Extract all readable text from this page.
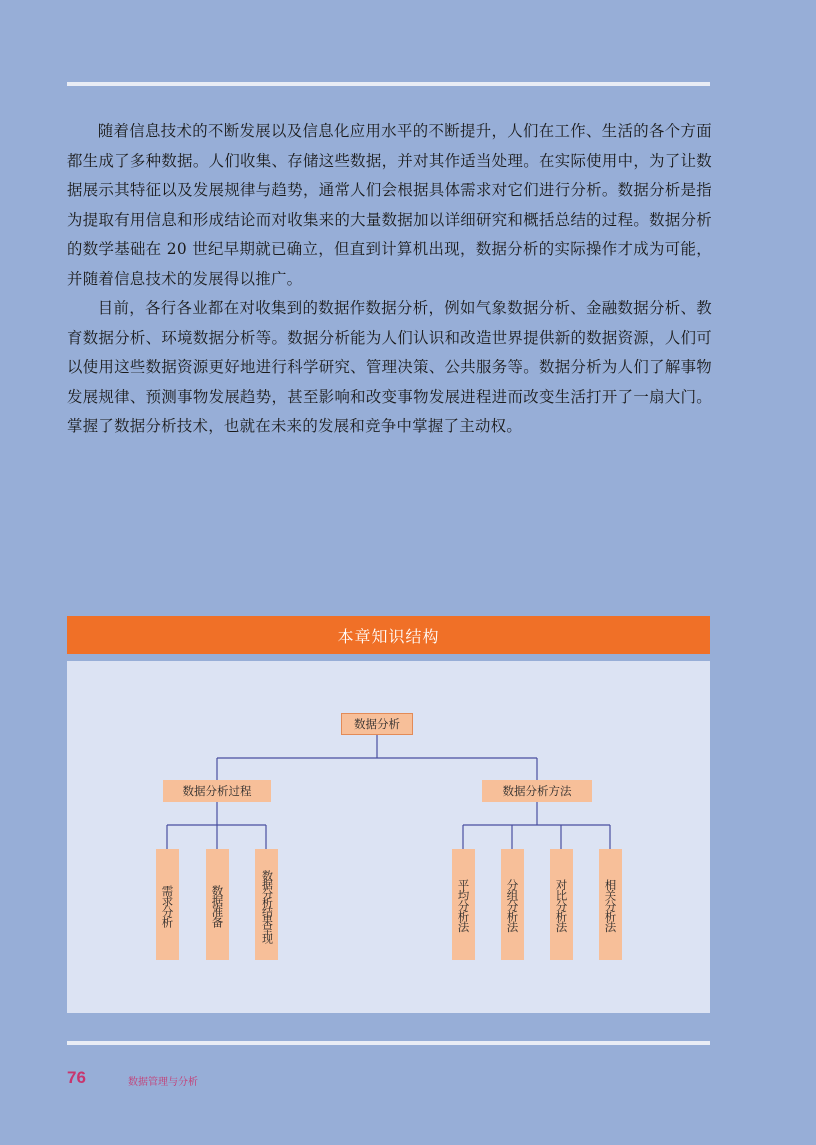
随着信息技术的不断发展以及信息化应用水平的不断提升，人们在工作、生活的各个方面都生成了多种数据。人们收集、存储这些数据，并对其作适当处理。在实际使用中，为了让数据展示其特征以及发展规律与趋势，通常人们会根据具体需求对它们进行分析。数据分析是指为提取有用信息和形成结论而对收集来的大量数据加以详细研究和概括总结的过程。数据分析的数学基础在 20 世纪早期就已确立，但直到计算机出现，数据分析的实际操作才成为可能，并随着信息技术的发展得以推广。

目前，各行各业都在对收集到的数据作数据分析，例如气象数据分析、金融数据分析、教育数据分析、环境数据分析等。数据分析能为人们认识和改造世界提供新的数据资源，人们可以使用这些数据资源更好地进行科学研究、管理决策、公共服务等。数据分析为人们了解事物发展规律、预测事物发展趋势，甚至影响和改变事物发展进程进而改变生活打开了一扇大门。掌握了数据分析技术，也就在未来的发展和竞争中掌握了主动权。

本章知识结构
数据分析
数据分析过程	数据分析方法
需求分析	数据准备	数据分析结果呈现	平均分析法	分组分析法	对比分析法	相关分析法
76	数据管理与分析
